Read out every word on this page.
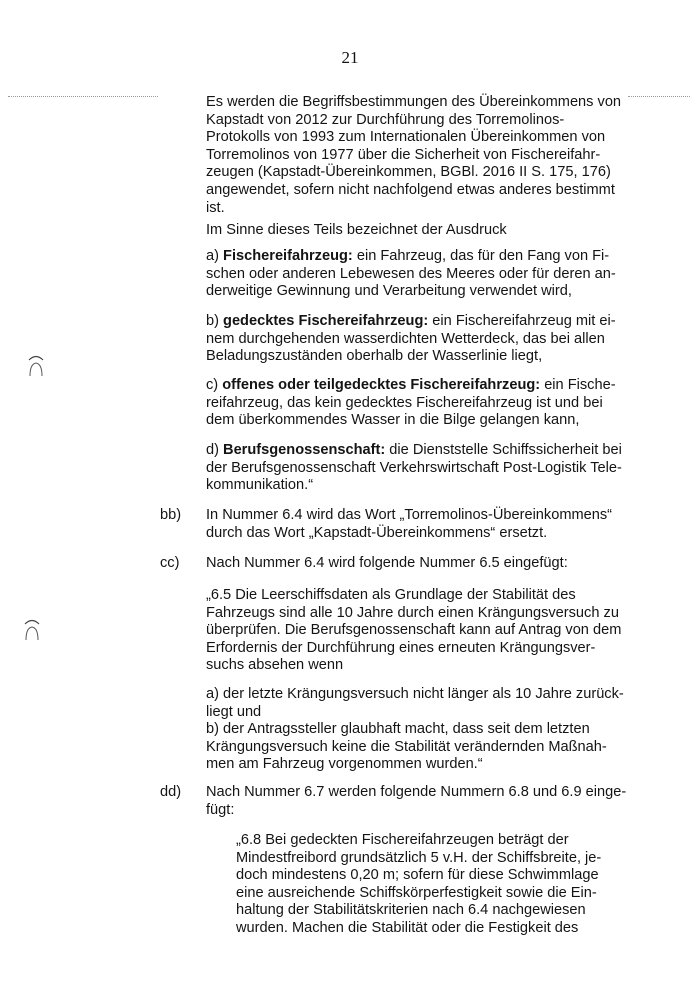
21

Es werden die Begriffsbestimmungen des Übereinkommens von

Kapstadt von 2012 zur Durchführung des Torremolinos-

Protokolls von 1993 zum Internationalen Übereinkommen von

Torremolinos von 1977 über die Sicherheit von Fischereifahr-

zeugen (Kapstadt-Übereinkommen, BGBl. 2016 II S. 175, 176)

angewendet, sofern nicht nachfolgend etwas anderes bestimmt

ist.

Im Sinne dieses Teils bezeichnet der Ausdruck

a) Fischereifahrzeug: ein Fahrzeug, das für den Fang von Fi-

schen oder anderen Lebewesen des Meeres oder für deren an-

derweitige Gewinnung und Verarbeitung verwendet wird,

b) gedecktes Fischereifahrzeug: ein Fischereifahrzeug mit ei-

nem durchgehenden wasserdichten Wetterdeck, das bei allen

Beladungszuständen oberhalb der Wasserlinie liegt,

c) offenes oder teilgedecktes Fischereifahrzeug: ein Fische-

reifahrzeug, das kein gedecktes Fischereifahrzeug ist und bei

dem überkommendes Wasser in die Bilge gelangen kann,

d) Berufsgenossenschaft: die Dienststelle Schiffssicherheit bei

der Berufsgenossenschaft Verkehrswirtschaft Post-Logistik Tele-

kommunikation.“

bb) In Nummer 6.4 wird das Wort „Torremolinos-Übereinkommens“

durch das Wort „Kapstadt-Übereinkommens“ ersetzt.

cc) Nach Nummer 6.4 wird folgende Nummer 6.5 eingefügt:

„6.5 Die Leerschiffsdaten als Grundlage der Stabilität des

Fahrzeugs sind alle 10 Jahre durch einen Krängungsversuch zu

überprüfen. Die Berufsgenossenschaft kann auf Antrag von dem

Erfordernis der Durchführung eines erneuten Krängungsver-

suchs absehen wenn

a) der letzte Krängungsversuch nicht länger als 10 Jahre zurück-

liegt und

b) der Antragssteller glaubhaft macht, dass seit dem letzten

Krängungsversuch keine die Stabilität verändernden Maßnah-

men am Fahrzeug vorgenommen wurden.“

dd) Nach Nummer 6.7 werden folgende Nummern 6.8 und 6.9 einge-

fügt:

„6.8 Bei gedeckten Fischereifahrzeugen beträgt der

Mindestfreibord grundsätzlich 5 v.H. der Schiffsbreite, je-

doch mindestens 0,20 m; sofern für diese Schwimmlage

eine ausreichende Schiffskörperfestigkeit sowie die Ein-

haltung der Stabilitätskriterien nach 6.4 nachgewiesen

wurden. Machen die Stabilität oder die Festigkeit des
